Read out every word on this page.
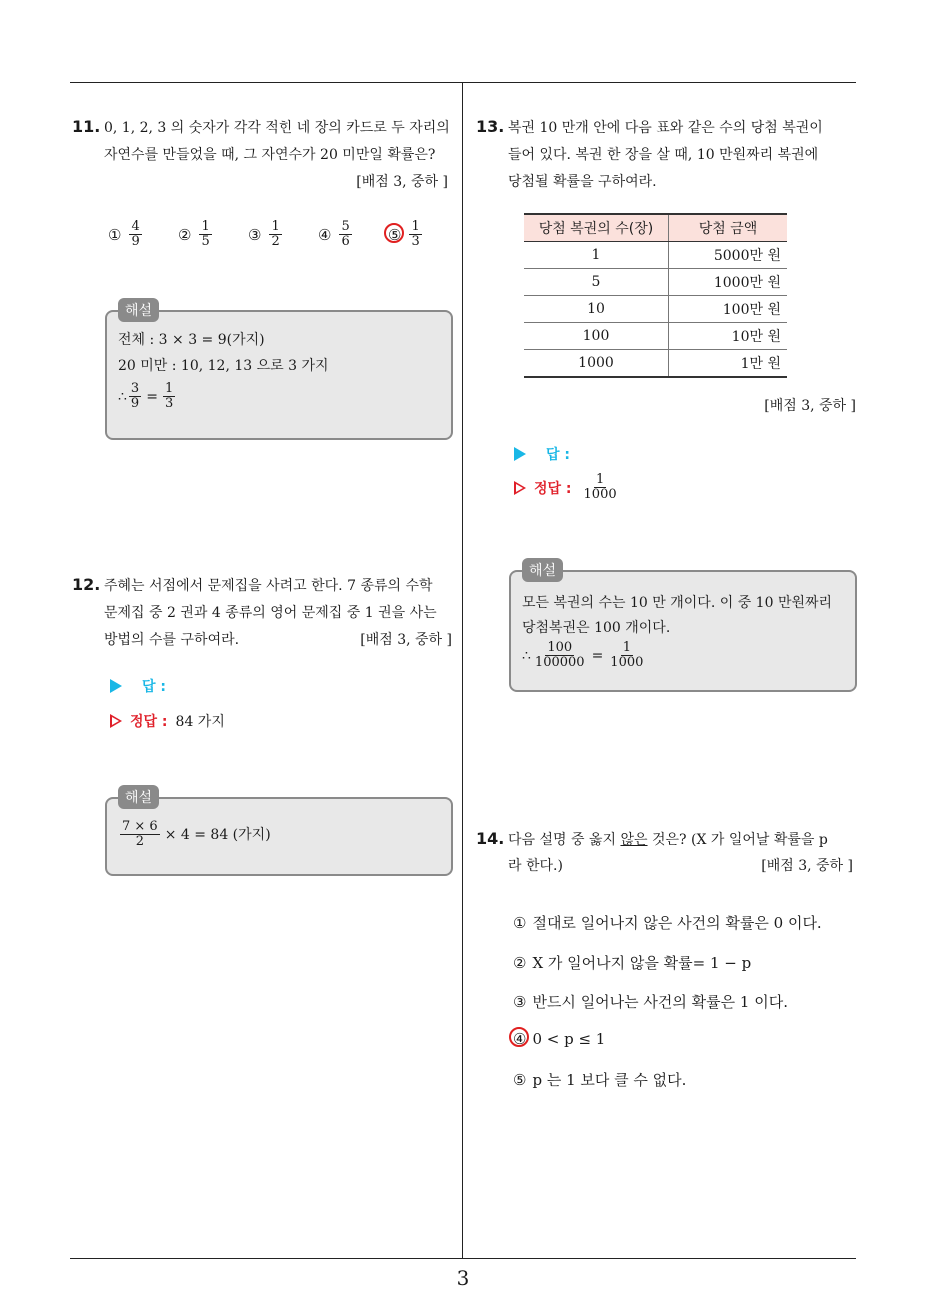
11. 0, 1, 2, 3 의 숫자가 각각 적힌 네 장의 카드로 두 자리의
자연수를 만들었을 때, 그 자연수가 20 미만일 확률은?
[배점 3, 중하 ]
① $\frac{4}{9}$ ② $\frac{1}{5}$ ③ $\frac{1}{2}$ ④ $\frac{5}{6}$ ⑤ $\frac{1}{3}$
해설
전체 : 3 × 3 = 9(가지)
20 미만 : 10, 12, 13 으로 3 가지
∴ $\frac{3}{9} = \frac{1}{3}$
12. 주혜는 서점에서 문제집을 사려고 한다. 7 종류의 수학
문제집 중 2 권과 4 종류의 영어 문제집 중 1 권을 사는
방법의 수를 구하여라.	[배점 3, 중하 ]
답 :
정답 : 84 가지
해설
$\frac{7 \times 6}{2} \times 4 = 84$ (가지)
13. 복권 10 만개 안에 다음 표와 같은 수의 당첨 복권이
들어 있다. 복권 한 장을 살 때, 10 만원짜리 복권에
당첨될 확률을 구하여라.
당첨 복권의 수(장)	당첨 금액
1	5000만 원
5	1000만 원
10	100만 원
100	10만 원
1000	1만 원
[배점 3, 중하 ]
답 :
정답 : $\frac{1}{1000}$
해설
모든 복권의 수는 10 만 개이다. 이 중 10 만원짜리
당첨복권은 100 개이다.
∴ $\frac{100}{100000} = \frac{1}{1000}$
14. 다음 설명 중 옳지 않은 것은? (X 가 일어날 확률을 p
라 한다.)	[배점 3, 중하 ]
① 절대로 일어나지 않은 사건의 확률은 0 이다.
② X 가 일어나지 않을 확률= 1 − p
③ 반드시 일어나는 사건의 확률은 1 이다.
④ 0 < p ≤ 1
⑤ p 는 1 보다 클 수 없다.
3
